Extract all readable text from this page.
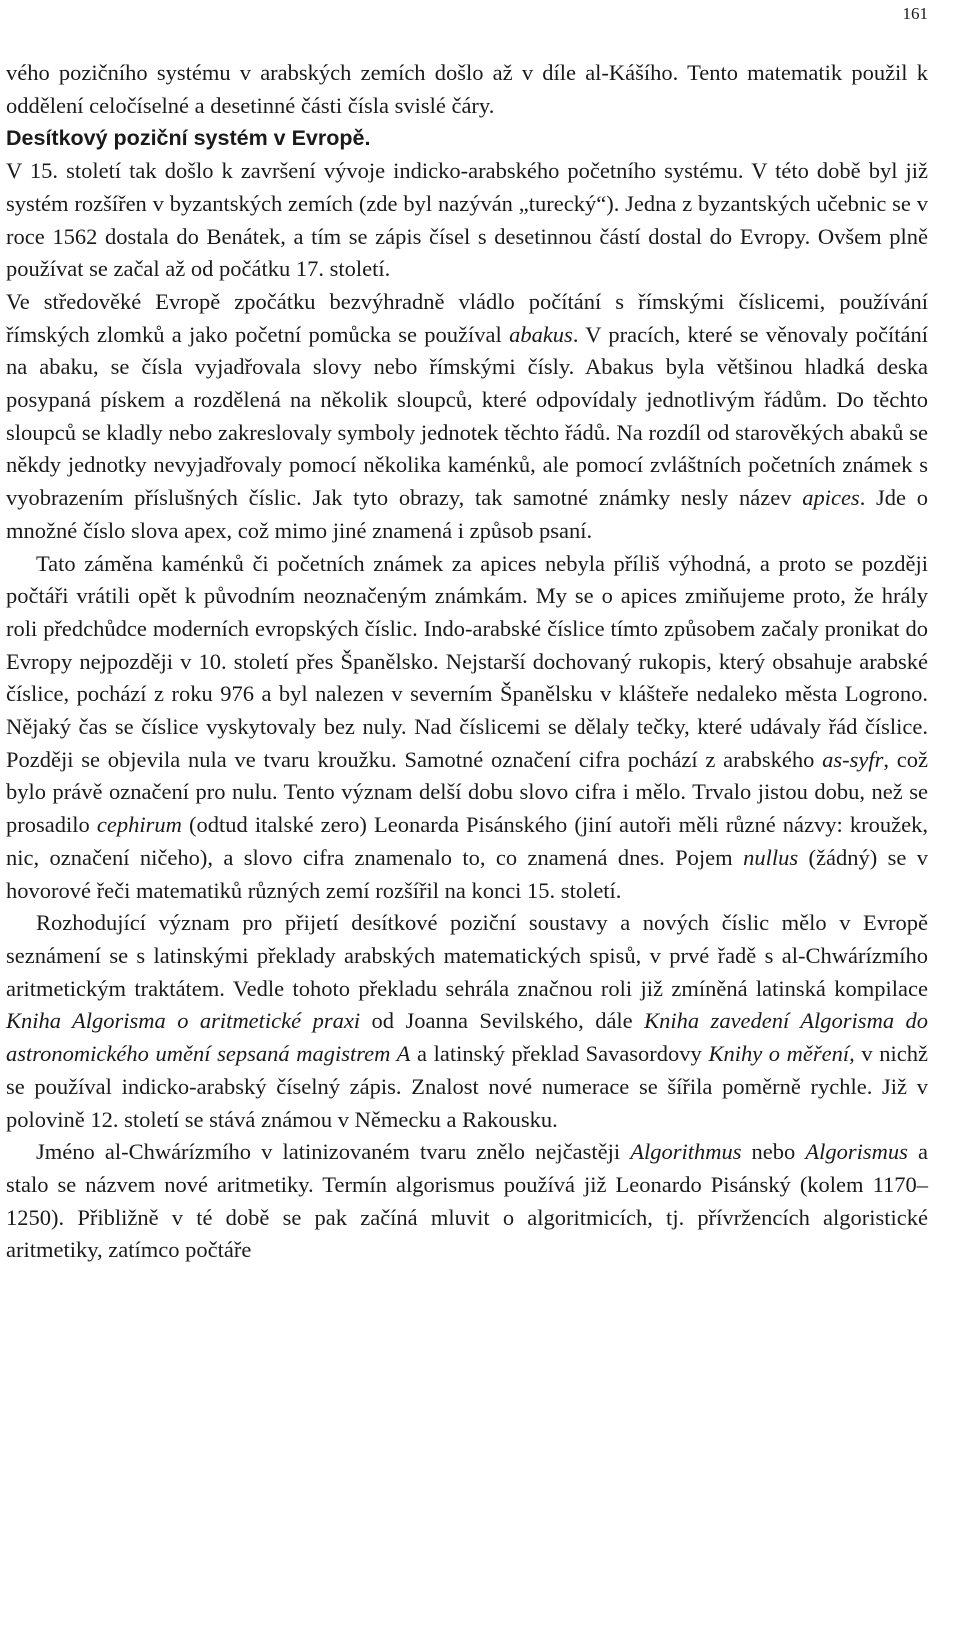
161

vého pozičního systému v arabských zemích došlo až v díle al-Kášího. Tento matematik použil k oddělení celočíselné a desetinné části čísla svislé čáry.

Desítkový poziční systém v Evropě.

V 15. století tak došlo k završení vývoje indicko-arabského početního systému. V této době byl již systém rozšířen v byzantských zemích (zde byl nazýván „turecký“). Jedna z byzantských učebnic se v roce 1562 dostala do Benátek, a tím se zápis čísel s desetinnou částí dostal do Evropy. Ovšem plně používat se začal až od počátku 17. století.

Ve středověké Evropě zpočátku bezvýhradně vládlo počítání s římskými číslicemi, používání římských zlomků a jako početní pomůcka se používal abakus. V pracích, které se věnovaly počítání na abaku, se čísla vyjadřovala slovy nebo římskými čísly. Abakus byla většinou hladká deska posypaná pískem a rozdělená na několik sloupců, které odpovídaly jednotlivým řádům. Do těchto sloupců se kladly nebo zakreslovaly symboly jednotek těchto řádů. Na rozdíl od starověkých abaků se někdy jednotky nevyjadřovaly pomocí několika kaménků, ale pomocí zvláštních početních známek s vyobrazením příslušných číslic. Jak tyto obrazy, tak samotné známky nesly název apices. Jde o množné číslo slova apex, což mimo jiné znamená i způsob psaní.

Tato záměna kaménků či početních známek za apices nebyla příliš výhodná, a proto se později počtáři vrátili opět k původním neoznačeným známkám. My se o apices zmiňujeme proto, že hrály roli předchůdce moderních evropských číslic. Indo-arabské číslice tímto způsobem začaly pronikat do Evropy nejpozději v 10. století přes Španělsko. Nejstarší dochovaný rukopis, který obsahuje arabské číslice, pochází z roku 976 a byl nalezen v severním Španělsku v klášteře nedaleko města Logrono. Nějaký čas se číslice vyskytovaly bez nuly. Nad číslicemi se dělaly tečky, které udávaly řád číslice. Později se objevila nula ve tvaru kroužku. Samotné označení cifra pochází z arabského as-syfr, což bylo právě označení pro nulu. Tento význam delší dobu slovo cifra i mělo. Trvalo jistou dobu, než se prosadilo cephirum (odtud italské zero) Leonarda Pisánského (jiní autoři měli různé názvy: kroužek, nic, označení ničeho), a slovo cifra znamenalo to, co znamená dnes. Pojem nullus (žádný) se v hovorové řeči matematiků různých zemí rozšířil na konci 15. století.

Rozhodující význam pro přijetí desítkové poziční soustavy a nových číslic mělo v Evropě seznámení se s latinskými překlady arabských matematických spisů, v prvé řadě s al-Chwárízmího aritmetickým traktátem. Vedle tohoto překladu sehrála značnou roli již zmíněná latinská kompilace Kniha Algorisma o aritmetické praxi od Joanna Sevilského, dále Kniha zavedení Algorisma do astronomického umění sepsaná magistrem A a latinský překlad Savasordovy Knihy o měření, v nichž se používal indicko-arabský číselný zápis. Znalost nové numerace se šířila poměrně rychle. Již v polovině 12. století se stává známou v Německu a Rakousku.

Jméno al-Chwárízmího v latinizovaném tvaru znělo nejčastěji Algorithmus nebo Algorismus a stalo se názvem nové aritmetiky. Termín algorismus používá již Leonardo Pisánský (kolem 1170–1250). Přibližně v té době se pak začíná mluvit o algoritmicích, tj. přívržencích algoristické aritmetiky, zatímco počtáře
